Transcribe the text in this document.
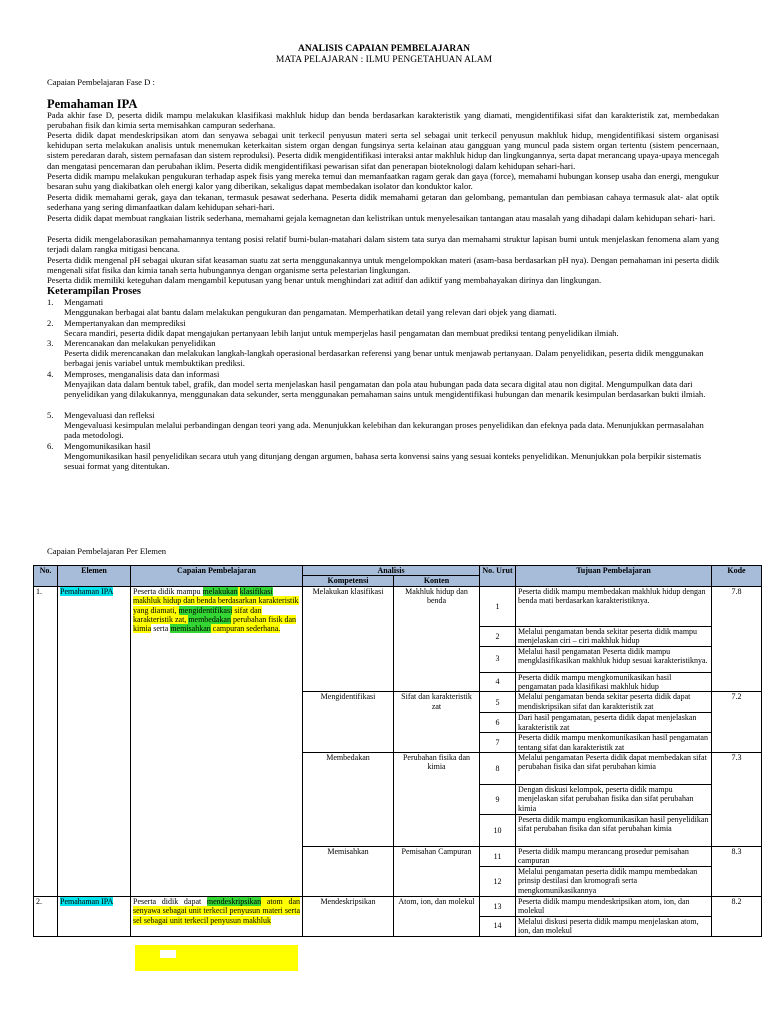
ANALISIS CAPAIAN PEMBELAJARAN
MATA PELAJARAN : ILMU PENGETAHUAN ALAM
Capaian Pembelajaran Fase D :
Pemahaman IPA
Pada akhir fase D, peserta didik mampu melakukan klasifikasi makhluk hidup dan benda berdasarkan karakteristik yang diamati, mengidentifikasi sifat dan karakteristik zat, membedakan perubahan fisik dan kimia serta memisahkan campuran sederhana.
Peserta didik dapat mendeskripsikan atom dan senyawa sebagai unit terkecil penyusun materi serta sel sebagai unit terkecil penyusun makhluk hidup, mengidentifikasi sistem organisasi kehidupan serta melakukan analisis untuk menemukan keterkaitan sistem organ dengan fungsinya serta kelainan atau gangguan yang muncul pada sistem organ tertentu (sistem pencernaan, sistem peredaran darah, sistem pernafasan dan sistem reproduksi). Peserta didik mengidentifikasi interaksi antar makhluk hidup dan lingkungannya, serta dapat merancang upaya-upaya mencegah dan mengatasi pencemaran dan perubahan iklim. Peserta didik mengidentifikasi pewarisan sifat dan penerapan bioteknologi dalam kehidupan sehari-hari.
Peserta didik mampu melakukan pengukuran terhadap aspek fisis yang mereka temui dan memanfaatkan ragam gerak dan gaya (force), memahami hubungan konsep usaha dan energi, mengukur besaran suhu yang diakibatkan oleh energi kalor yang diberikan, sekaligus dapat membedakan isolator dan konduktor kalor.
Peserta didik memahami gerak, gaya dan tekanan, termasuk pesawat sederhana. Peserta didik memahami getaran dan gelombang, pemantulan dan pembiasan cahaya termasuk alat- alat optik sederhana yang sering dimanfaatkan dalam kehidupan sehari-hari.
Peserta didik dapat membuat rangkaian listrik sederhana, memahami gejala kemagnetan dan kelistrikan untuk menyelesaikan tantangan atau masalah yang dihadapi dalam kehidupan sehari- hari.
Peserta didik mengelaborasikan pemahamannya tentang posisi relatif bumi-bulan-matahari dalam sistem tata surya dan memahami struktur lapisan bumi untuk menjelaskan fenomena alam yang terjadi dalam rangka mitigasi bencana.
Peserta didik mengenal pH sebagai ukuran sifat keasaman suatu zat serta menggunakannya untuk mengelompokkan materi (asam-basa berdasarkan pH nya). Dengan pemahaman ini peserta didik mengenali sifat fisika dan kimia tanah serta hubungannya dengan organisme serta pelestarian lingkungan.
Peserta didik memiliki keteguhan dalam mengambil keputusan yang benar untuk menghindari zat aditif dan adiktif yang membahayakan dirinya dan lingkungan.
Keterampilan Proses
1. Mengamati
Menggunakan berbagai alat bantu dalam melakukan pengukuran dan pengamatan. Memperhatikan detail yang relevan dari objek yang diamati.
2. Mempertanyakan dan memprediksi
Secara mandiri, peserta didik dapat mengajukan pertanyaan lebih lanjut untuk memperjelas hasil pengamatan dan membuat prediksi tentang penyelidikan ilmiah.
3. Merencanakan dan melakukan penyelidikan
Peserta didik merencanakan dan melakukan langkah-langkah operasional berdasarkan referensi yang benar untuk menjawab pertanyaan. Dalam penyelidikan, peserta didik menggunakan berbagai jenis variabel untuk membuktikan prediksi.
4. Memproses, menganalisis data dan informasi
Menyajikan data dalam bentuk tabel, grafik, dan model serta menjelaskan hasil pengamatan dan pola atau hubungan pada data secara digital atau non digital. Mengumpulkan data dari penyelidikan yang dilakukannya, menggunakan data sekunder, serta menggunakan pemahaman sains untuk mengidentifikasi hubungan dan menarik kesimpulan berdasarkan bukti ilmiah.
5. Mengevaluasi dan refleksi
Mengevaluasi kesimpulan melalui perbandingan dengan teori yang ada. Menunjukkan kelebihan dan kekurangan proses penyelidikan dan efeknya pada data. Menunjukkan permasalahan pada metodologi.
6. Mengomunikasikan hasil
Mengomunikasikan hasil penyelidikan secara utuh yang ditunjang dengan argumen, bahasa serta konvensi sains yang sesuai konteks penyelidikan. Menunjukkan pola berpikir sistematis sesuai format yang ditentukan.
Capaian Pembelajaran Per Elemen
No.	Elemen	Capaian Pembelajaran	Analisis		No. Urut	Tujuan Pembelajaran	Kode
			Kompetensi	Konten			
1.	Pemahaman IPA	Peserta didik mampu melakukan klasifikasi makhluk hidup dan benda berdasarkan karakteristik yang diamati, mengidentifikasi sifat dan karakteristik zat, membedakan perubahan fisik dan kimia serta memisahkan campuran sederhana.	Melakukan klasifikasi	Makhluk hidup dan benda	1	Peserta didik mampu membedakan makhluk hidup dengan benda mati berdasarkan karakteristiknya.	7.8
					2	Melalui pengamatan benda sekitar peserta didik mampu menjelaskan ciri – ciri makhluk hidup	
					3	Melalui hasil pengamatan Peserta didik mampu mengklasifikasikan makhluk hidup sesuai karakteristiknya.	
					4	Peserta didik mampu mengkomunikasikan hasil pengamatan pada klasifikasi makhluk hidup	
			Mengidentifikasi	Sifat dan karakteristik zat	5	Melalui pengamatan benda sekitar peserta didik dapat mendiskripsikan sifat dan karakteristik zat	7.2
					6	Dari hasil pengamatan, peserta didik dapat menjelaskan karakteristik zat	
					7	Peserta didik mampu menkomunikasikan hasil pengamatan tentang sifat dan karakteristik zat	
			Membedakan	Perubahan fisika dan kimia	8	Melalui pengamatan Peserta didik dapat membedakan sifat perubahan fisika dan sifat perubahan kimia	7.3
					9	Dengan diskusi kelompok, peserta didik mampu menjelaskan sifat perubahan fisika dan sifat perubahan kimia	
					10	Peserta didik mampu engkomunikasikan hasil penyelidikan sifat perubahan fisika dan sifat perubahan kimia	
			Memisahkan	Pemisahan Campuran	11	Peserta didik mampu merancang prosedur pemisahan campuran	8.3
					12	Melalui pengamatan peserta didik mampu membedakan prinsip destilasi dan kromografi serta mengkomunikasikannya	
2.	Pemahaman IPA	Peserta didik dapat mendeskripsikan atom dan senyawa sebagai unit terkecil penyusun materi serta sel sebagai unit terkecil penyusun makhluk	Mendeskripsikan	Atom, ion, dan molekul	13	Peserta didik mampu mendeskripsikan atom, ion, dan molekul	8.2
					14	Melalui diskusi peserta didik mampu menjelaskan atom, ion, dan molekul	
